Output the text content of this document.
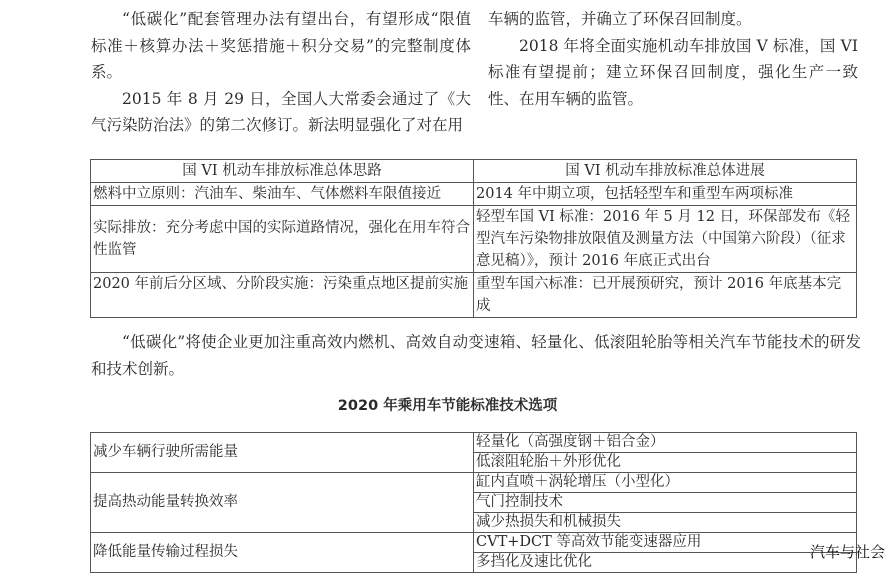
“低碳化”配套管理办法有望出台，有望形成“限值标准＋核算办法＋奖惩措施＋积分交易”的完整制度体系。

2015 年 8 月 29 日，全国人大常委会通过了《大气污染防治法》的第二次修订。新法明显强化了对在用

车辆的监管，并确立了环保召回制度。

2018 年将全面实施机动车排放国 V 标准，国 VI 标准有望提前；建立环保召回制度，强化生产一致性、在用车辆的监管。

国 VI 机动车排放标准总体思路	国 VI 机动车排放标准总体进展
燃料中立原则：汽油车、柴油车、气体燃料车限值接近	2014 年中期立项，包括轻型车和重型车两项标准
实际排放：充分考虑中国的实际道路情况，强化在用车符合性监管	轻型车国 VI 标准：2016 年 5 月 12 日，环保部发布《轻型汽车污染物排放限值及测量方法（中国第六阶段）（征求意见稿）》，预计 2016 年底正式出台
2020 年前后分区域、分阶段实施：污染重点地区提前实施	重型车国六标准：已开展预研究，预计 2016 年底基本完成
“低碳化”将使企业更加注重高效内燃机、高效自动变速箱、轻量化、低滚阻轮胎等相关汽车节能技术的研发和技术创新。
2020 年乘用车节能标准技术选项
减少车辆行驶所需能量	轻量化（高强度钢＋铝合金）
	低滚阻轮胎＋外形优化
提高热动能量转换效率	缸内直喷＋涡轮增压（小型化）
	气门控制技术
	减少热损失和机械损失
降低能量传输过程损失	CVT+DCT 等高效节能变速器应用
	多挡化及速比优化
汽车与社会
